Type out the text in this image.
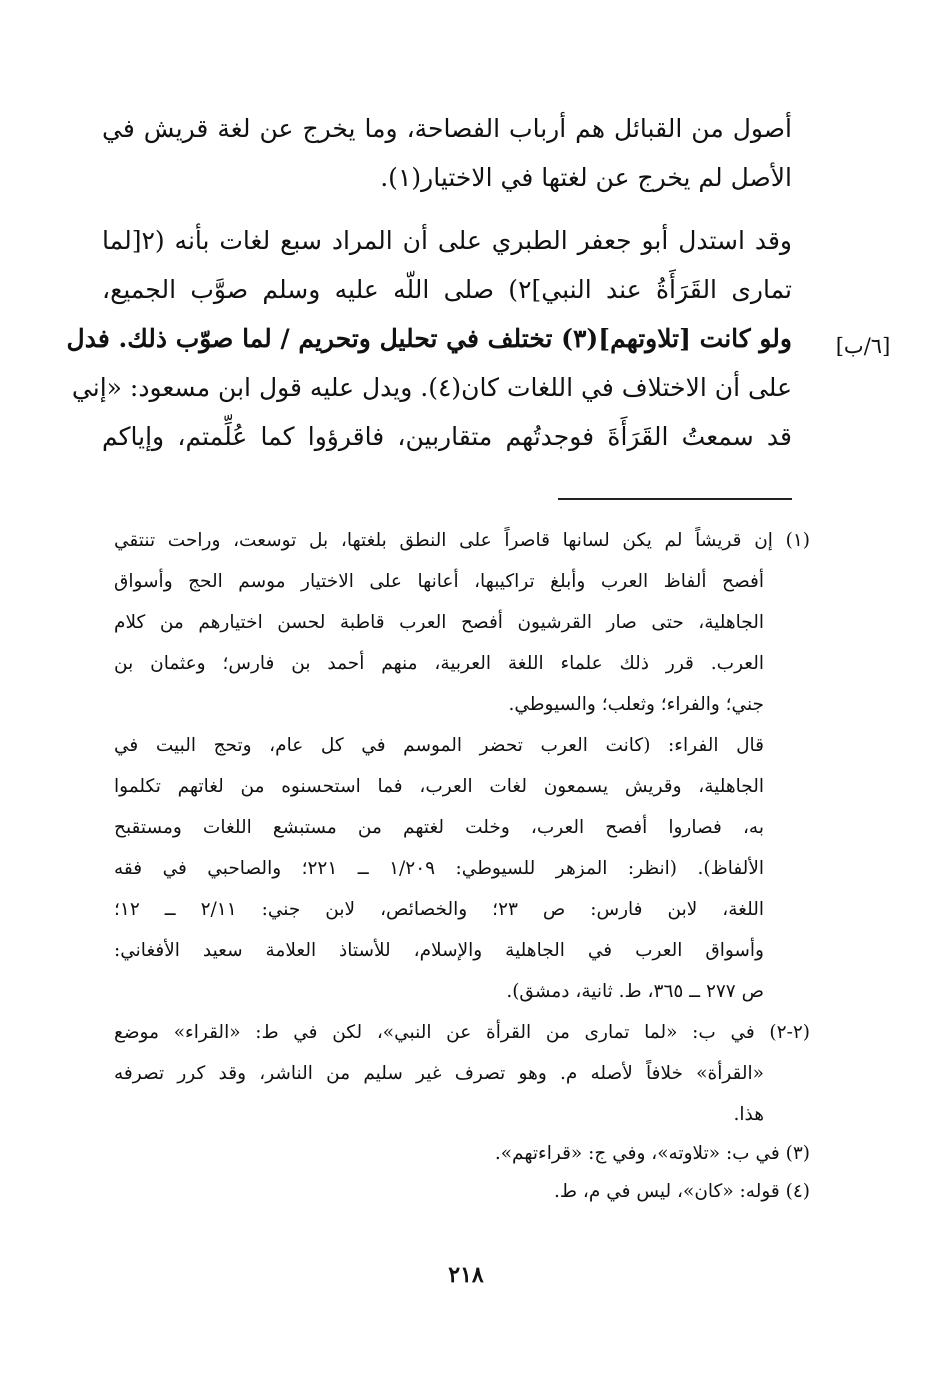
أصول من القبائل هم أرباب الفصاحة، وما يخرج عن لغة قريش في
الأصل لم يخرج عن لغتها في الاختيار(١).
وقد استدل أبو جعفر الطبري على أن المراد سبع لغات بأنه (٢[لما
تمارى القَرَأَةُ عند النبي]٢) صلى اللّه عليه وسلم صوَّب الجميع،
ولو كانت [تلاوتهم](٣) تختلف في تحليل وتحريم / لما صوّب ذلك. فدل
على أن الاختلاف في اللغات كان(٤). ويدل عليه قول ابن مسعود: «إني
قد سمعتُ القَرَأَةَ فوجدتُهم متقاربين، فاقرؤوا كما عُلِّمتم، وإياكم
[٦/ب]
(١) إن قريشاً لم يكن لسانها قاصراً على النطق بلغتها، بل توسعت، وراحت تنتقي
أفصح ألفاظ العرب وأبلغ تراكيبها، أعانها على الاختيار موسم الحج وأسواق
الجاهلية، حتى صار القرشيون أفصح العرب قاطبة لحسن اختيارهم من كلام
العرب. قرر ذلك علماء اللغة العربية، منهم أحمد بن فارس؛ وعثمان بن
جني؛ والفراء؛ وثعلب؛ والسيوطي.
قال الفراء: (كانت العرب تحضر الموسم في كل عام، وتحج البيت في
الجاهلية، وقريش يسمعون لغات العرب، فما استحسنوه من لغاتهم تكلموا
به، فصاروا أفصح العرب، وخلت لغتهم من مستبشع اللغات ومستقبح
الألفاظ). (انظر: المزهر للسيوطي: ١/٢٠٩ ــ ٢٢١؛ والصاحبي في فقه
اللغة، لابن فارس: ص ٢٣؛ والخصائص، لابن جني: ٢/١١ ــ ١٢؛
وأسواق العرب في الجاهلية والإسلام، للأستاذ العلامة سعيد الأفغاني:
ص ٢٧٧ ــ ٣٦٥، ط. ثانية، دمشق).
(٢-٢) في ب: «لما تمارى من القرأة عن النبي»، لكن في ط: «القراء» موضع
«القرأة» خلافاً لأصله م. وهو تصرف غير سليم من الناشر، وقد كرر تصرفه
هذا.
(٣) في ب: «تلاوته»، وفي ج: «قراءتهم».
(٤) قوله: «كان»، ليس في م، ط.
٢١٨
